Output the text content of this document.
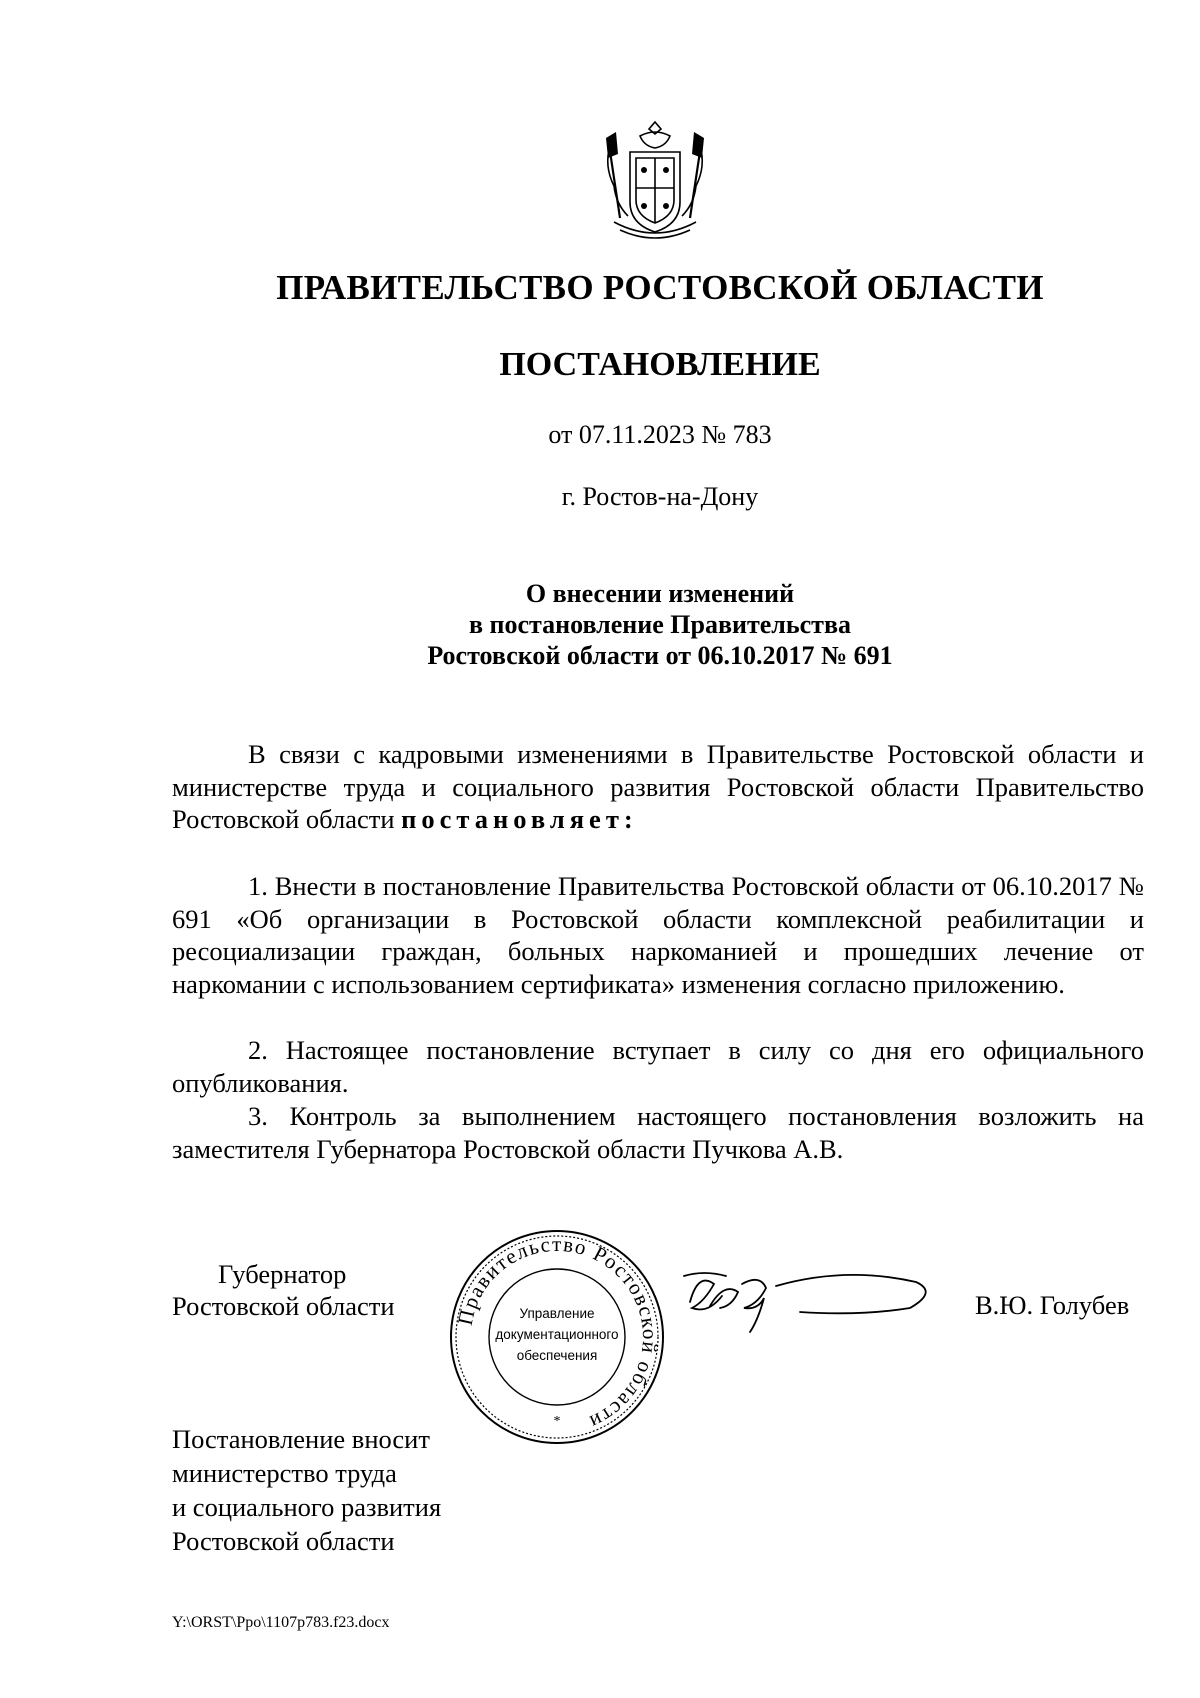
ПРАВИТЕЛЬСТВО РОСТОВСКОЙ ОБЛАСТИ
ПОСТАНОВЛЕНИЕ
от 07.11.2023 № 783
г. Ростов-на-Дону
О внесении изменений
в постановление Правительства
Ростовской области от 06.10.2017 № 691
В связи с кадровыми изменениями в Правительстве Ростовской области и министерстве труда и социального развития Ростовской области Правительство Ростовской области постановляет:
1. Внести в постановление Правительства Ростовской области от 06.10.2017 № 691 «Об организации в Ростовской области комплексной реабилитации и ресоциализации граждан, больных наркоманией и прошедших лечение от наркомании с использованием сертификата» изменения согласно приложению.
2. Настоящее постановление вступает в силу со дня его официального опубликования.
3. Контроль за выполнением настоящего постановления возложить на заместителя Губернатора Ростовской области Пучкова А.В.
Губернатор
Ростовской области	Правительство Ростовской области
Управление
документационного
обеспечения
*
В.Ю. Голубев
Постановление вносит
министерство труда
и социального развития
Ростовской области
Y:\ORST\Ppo\1107p783.f23.docx
